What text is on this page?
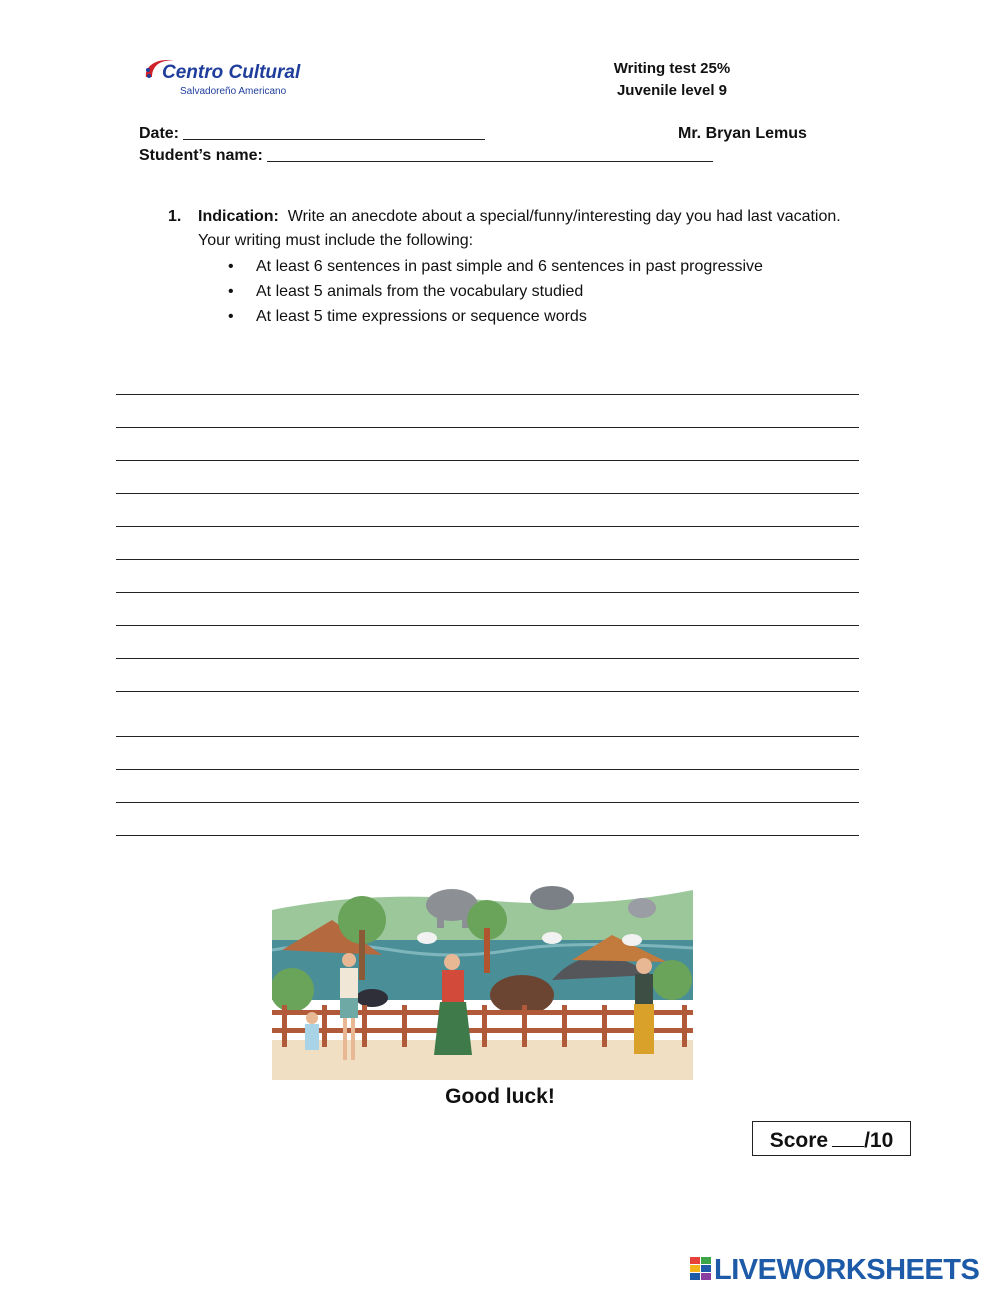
Centro Cultural
Salvadoreño Americano
Writing test 25%
Juvenile level 9
Date:	Mr. Bryan Lemus
Student’s name:
1. Indication: Write an anecdote about a special/funny/interesting day you had last vacation. Your writing must include the following:
• At least 6 sentences in past simple and 6 sentences in past progressive
• At least 5 animals from the vocabulary studied
• At least 5 time expressions or sequence words
Good luck!
Score /10
LIVEWORKSHEETS
